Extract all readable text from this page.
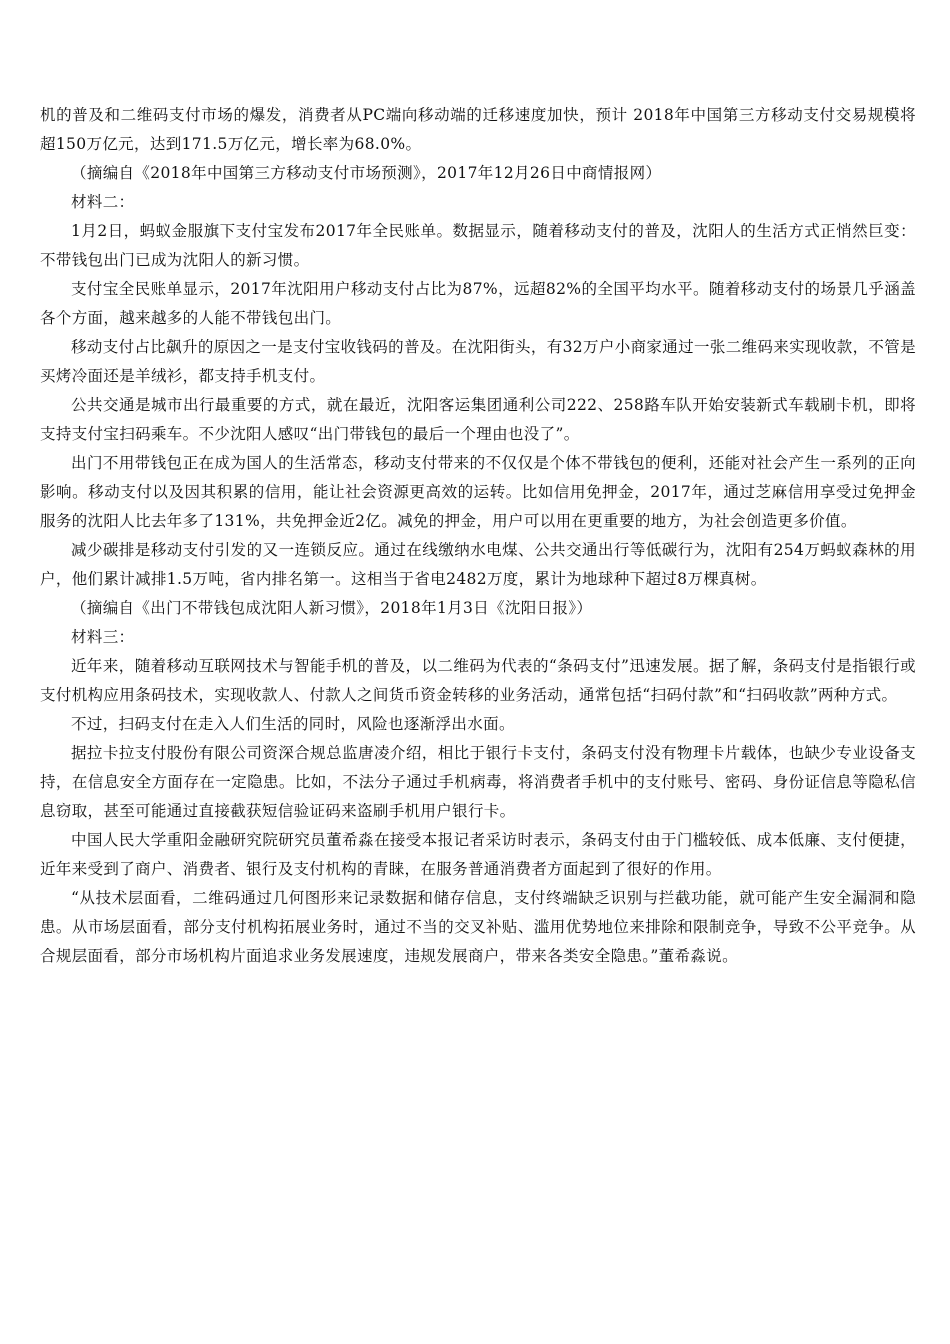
机的普及和二维码支付市场的爆发，消费者从PC端向移动端的迁移速度加快，预计 2018年中国第三方移动支付交易规模将超150万亿元，达到171.5万亿元，增长率为68.0%。

（摘编自《2018年中国第三方移动支付市场预测》，2017年12月26日中商情报网）

材料二：

1月2日，蚂蚁金服旗下支付宝发布2017年全民账单。数据显示，随着移动支付的普及，沈阳人的生活方式正悄然巨变：不带钱包出门已成为沈阳人的新习惯。

支付宝全民账单显示，2017年沈阳用户移动支付占比为87%，远超82%的全国平均水平。随着移动支付的场景几乎涵盖各个方面，越来越多的人能不带钱包出门。

移动支付占比飙升的原因之一是支付宝收钱码的普及。在沈阳街头，有32万户小商家通过一张二维码来实现收款，不管是买烤冷面还是羊绒衫，都支持手机支付。

公共交通是城市出行最重要的方式，就在最近，沈阳客运集团通利公司222、258路车队开始安装新式车载刷卡机，即将支持支付宝扫码乘车。不少沈阳人感叹“出门带钱包的最后一个理由也没了”。

出门不用带钱包正在成为国人的生活常态，移动支付带来的不仅仅是个体不带钱包的便利，还能对社会产生一系列的正向影响。移动支付以及因其积累的信用，能让社会资源更高效的运转。比如信用免押金，2017年，通过芝麻信用享受过免押金服务的沈阳人比去年多了131%，共免押金近2亿。减免的押金，用户可以用在更重要的地方，为社会创造更多价值。

减少碳排是移动支付引发的又一连锁反应。通过在线缴纳水电煤、公共交通出行等低碳行为，沈阳有254万蚂蚁森林的用户，他们累计减排1.5万吨，省内排名第一。这相当于省电2482万度，累计为地球种下超过8万棵真树。

（摘编自《出门不带钱包成沈阳人新习惯》，2018年1月3日《沈阳日报》）

材料三：

近年来，随着移动互联网技术与智能手机的普及，以二维码为代表的“条码支付”迅速发展。据了解，条码支付是指银行或支付机构应用条码技术，实现收款人、付款人之间货币资金转移的业务活动，通常包括“扫码付款”和“扫码收款”两种方式。

不过，扫码支付在走入人们生活的同时，风险也逐渐浮出水面。

据拉卡拉支付股份有限公司资深合规总监唐凌介绍，相比于银行卡支付，条码支付没有物理卡片载体，也缺少专业设备支持，在信息安全方面存在一定隐患。比如，不法分子通过手机病毒，将消费者手机中的支付账号、密码、身份证信息等隐私信息窃取，甚至可能通过直接截获短信验证码来盗刷手机用户银行卡。

中国人民大学重阳金融研究院研究员董希淼在接受本报记者采访时表示，条码支付由于门槛较低、成本低廉、支付便捷，近年来受到了商户、消费者、银行及支付机构的青睐，在服务普通消费者方面起到了很好的作用。

“从技术层面看，二维码通过几何图形来记录数据和储存信息，支付终端缺乏识别与拦截功能，就可能产生安全漏洞和隐患。从市场层面看，部分支付机构拓展业务时，通过不当的交叉补贴、滥用优势地位来排除和限制竞争，导致不公平竞争。从合规层面看，部分市场机构片面追求业务发展速度，违规发展商户，带来各类安全隐患。”董希淼说。
